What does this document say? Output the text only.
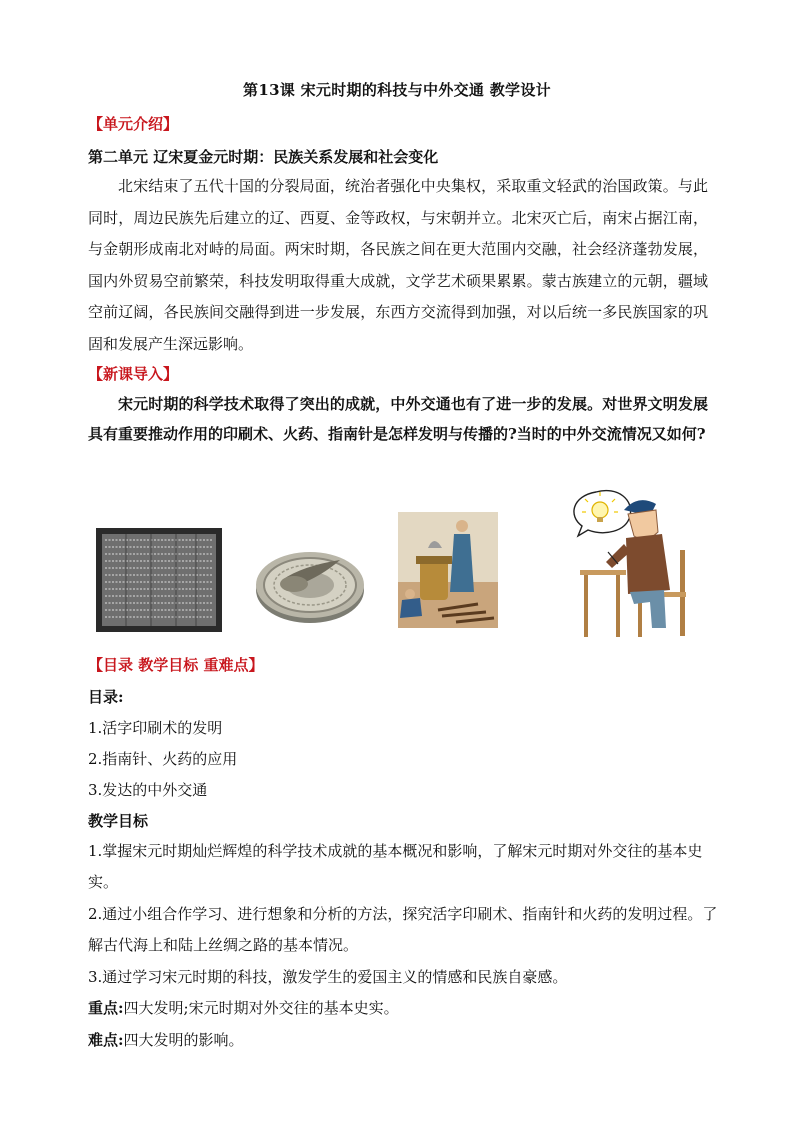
第13课 宋元时期的科技与中外交通 教学设计
【单元介绍】
第二单元 辽宋夏金元时期：民族关系发展和社会变化

北宋结束了五代十国的分裂局面，统治者强化中央集权，采取重文轻武的治国政策。与此同时，周边民族先后建立的辽、西夏、金等政权，与宋朝并立。北宋灭亡后，南宋占据江南，与金朝形成南北对峙的局面。两宋时期，各民族之间在更大范围内交融，社会经济蓬勃发展，国内外贸易空前繁荣，科技发明取得重大成就，文学艺术硕果累累。蒙古族建立的元朝，疆域空前辽阔，各民族间交融得到进一步发展，东西方交流得到加强，对以后统一多民族国家的巩固和发展产生深远影响。

【新课导入】

宋元时期的科学技术取得了突出的成就，中外交通也有了进一步的发展。对世界文明发展具有重要推动作用的印刷术、火药、指南针是怎样发明与传播的?当时的中外交流情况又如何?

【目录 教学目标 重难点】
目录:
1.活字印刷术的发明
2.指南针、火药的应用
3.发达的中外交通
教学目标

1.掌握宋元时期灿烂辉煌的科学技术成就的基本概况和影响，了解宋元时期对外交往的基本史实。

2.通过小组合作学习、进行想象和分析的方法，探究活字印刷术、指南针和火药的发明过程。了解古代海上和陆上丝绸之路的基本情况。

3.通过学习宋元时期的科技，激发学生的爱国主义的情感和民族自豪感。
重点:四大发明;宋元时期对外交往的基本史实。
难点:四大发明的影响。
